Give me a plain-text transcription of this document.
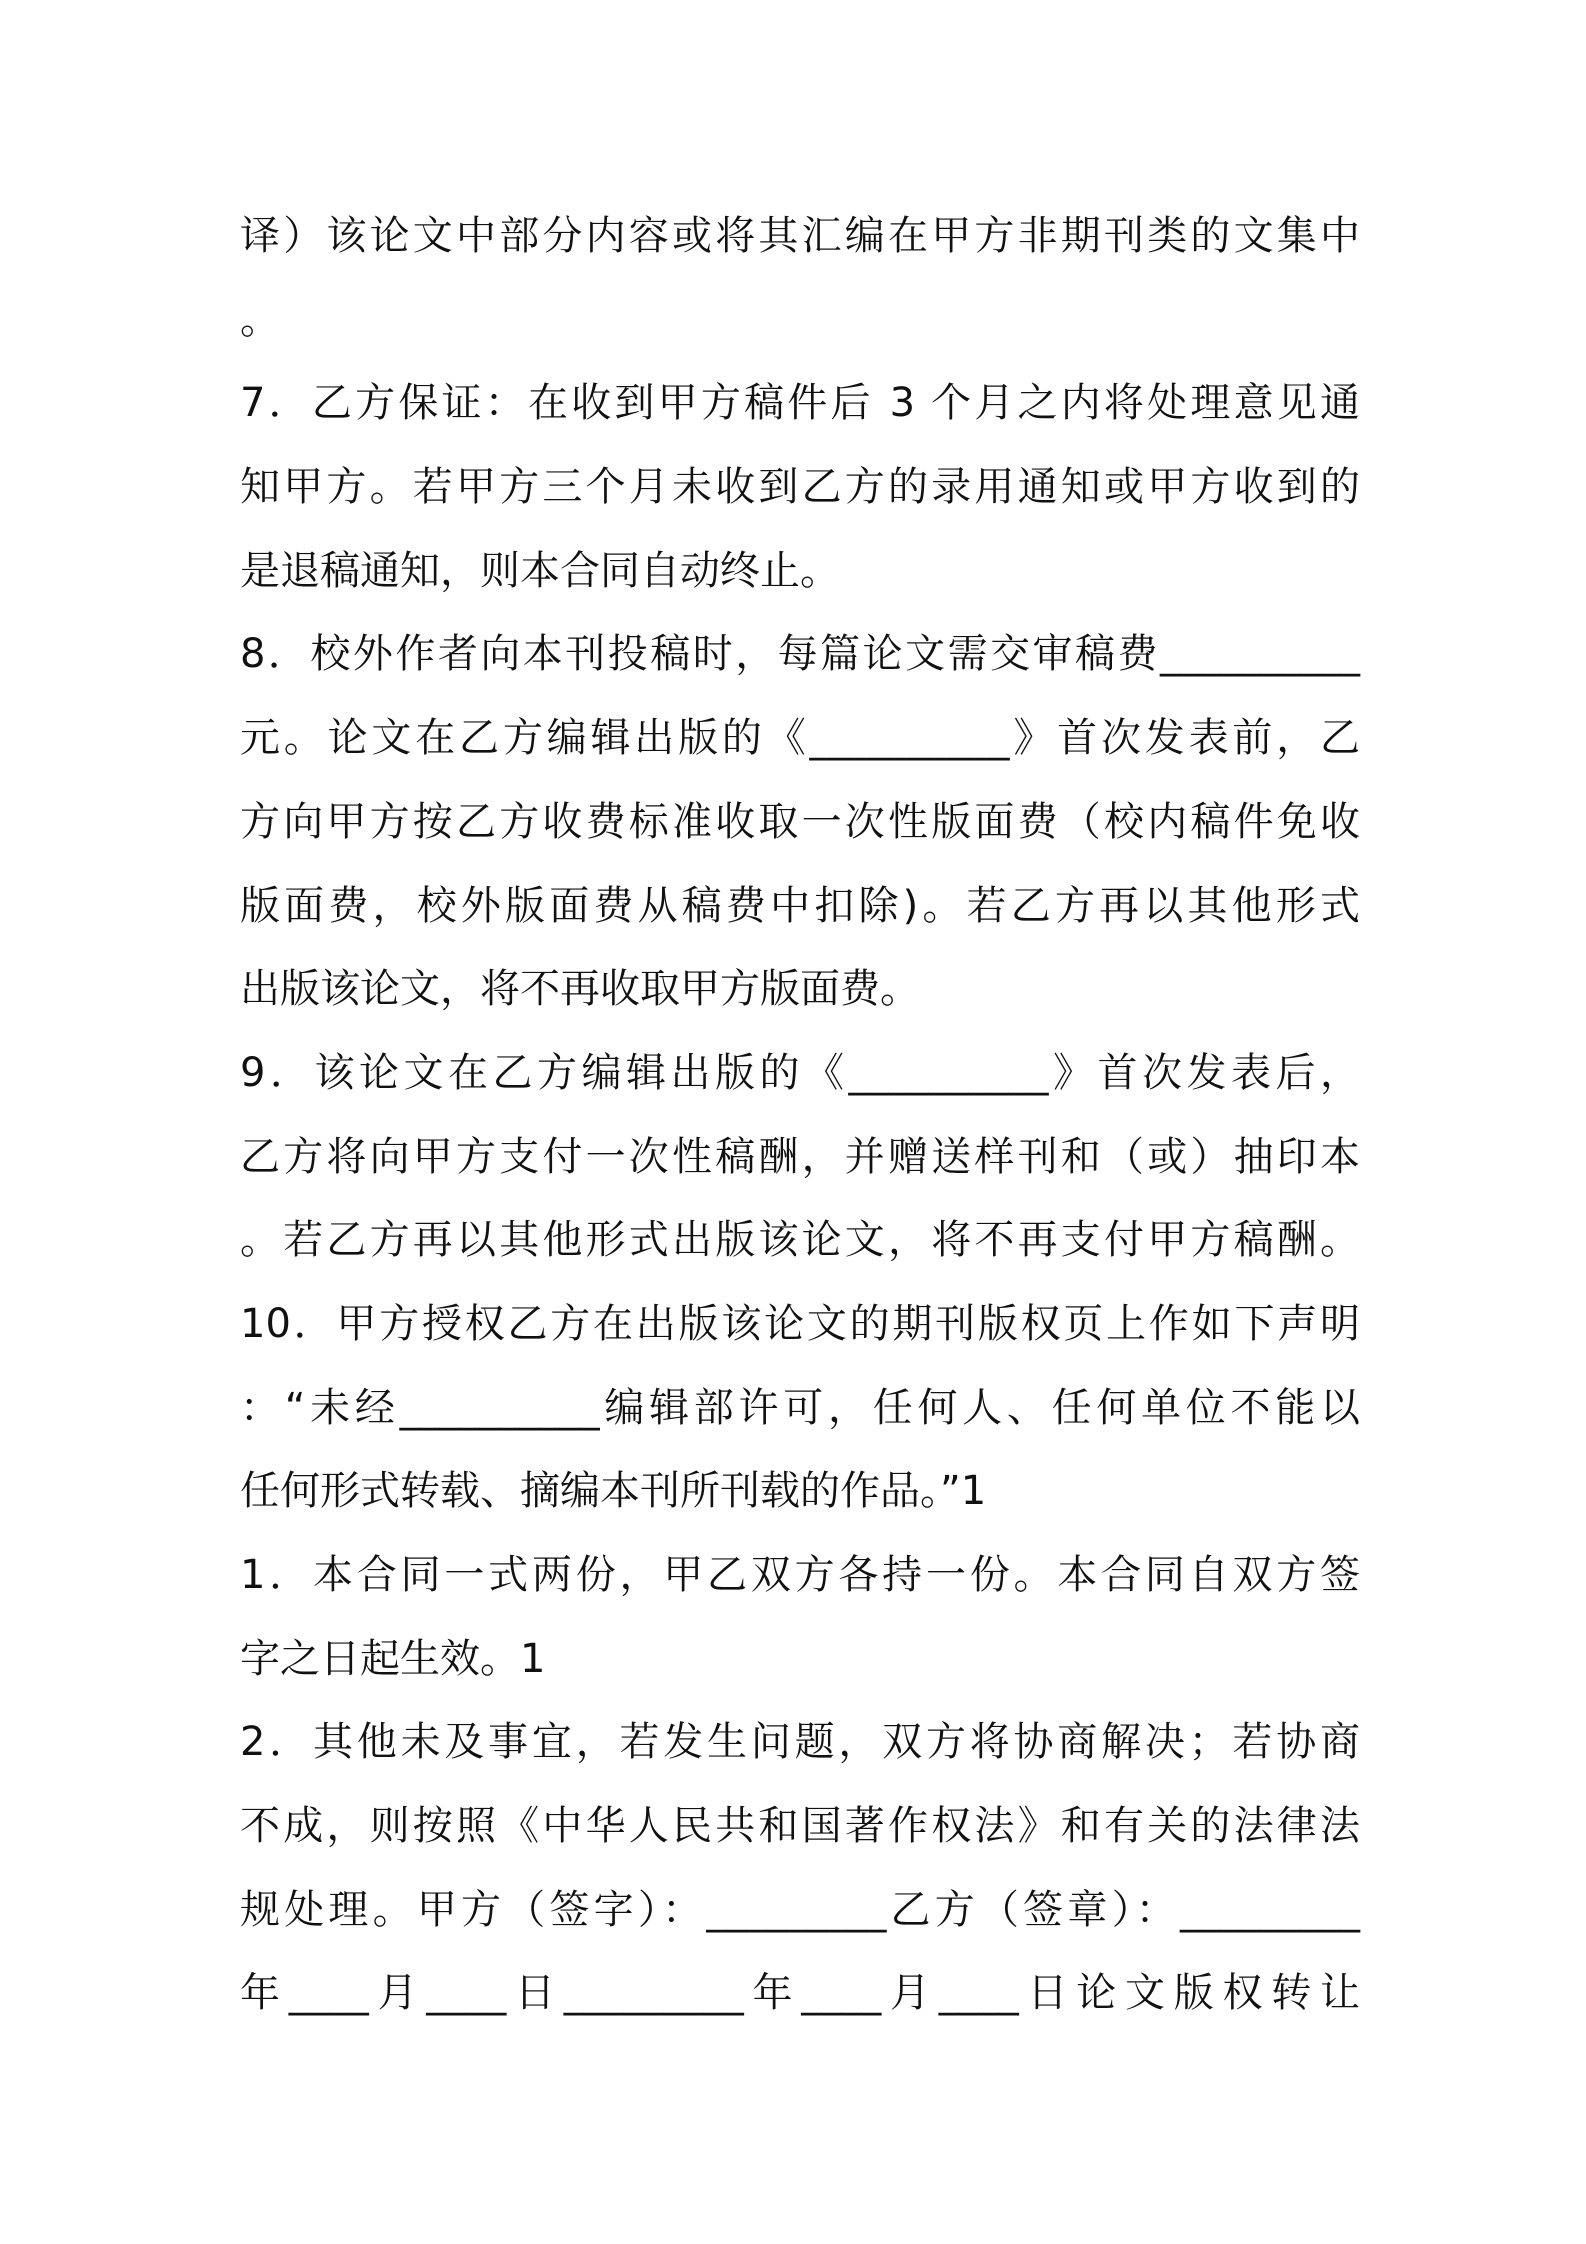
译）该论文中部分内容或将其汇编在甲方非期刊类的文集中
。
7．乙方保证：在收到甲方稿件后 3 个月之内将处理意见通
知甲方。若甲方三个月未收到乙方的录用通知或甲方收到的
是退稿通知，则本合同自动终止。
8．校外作者向本刊投稿时，每篇论文需交审稿费__________
元。论文在乙方编辑出版的《__________》首次发表前，乙
方向甲方按乙方收费标准收取一次性版面费（校内稿件免收
版面费，校外版面费从稿费中扣除)。若乙方再以其他形式
出版该论文，将不再收取甲方版面费。
9．该论文在乙方编辑出版的《__________》首次发表后，
乙方将向甲方支付一次性稿酬，并赠送样刊和（或）抽印本
。若乙方再以其他形式出版该论文，将不再支付甲方稿酬。
10．甲方授权乙方在出版该论文的期刊版权页上作如下声明
：“未经__________编辑部许可，任何人、任何单位不能以
任何形式转载、摘编本刊所刊载的作品。”1
1．本合同一式两份，甲乙双方各持一份。本合同自双方签
字之日起生效。1
2．其他未及事宜，若发生问题，双方将协商解决；若协商
不成，则按照《中华人民共和国著作权法》和有关的法律法
规处理。甲方（签字）：_________乙方（签章）：_________
年____月____日_________年____月____日论文版权转让
